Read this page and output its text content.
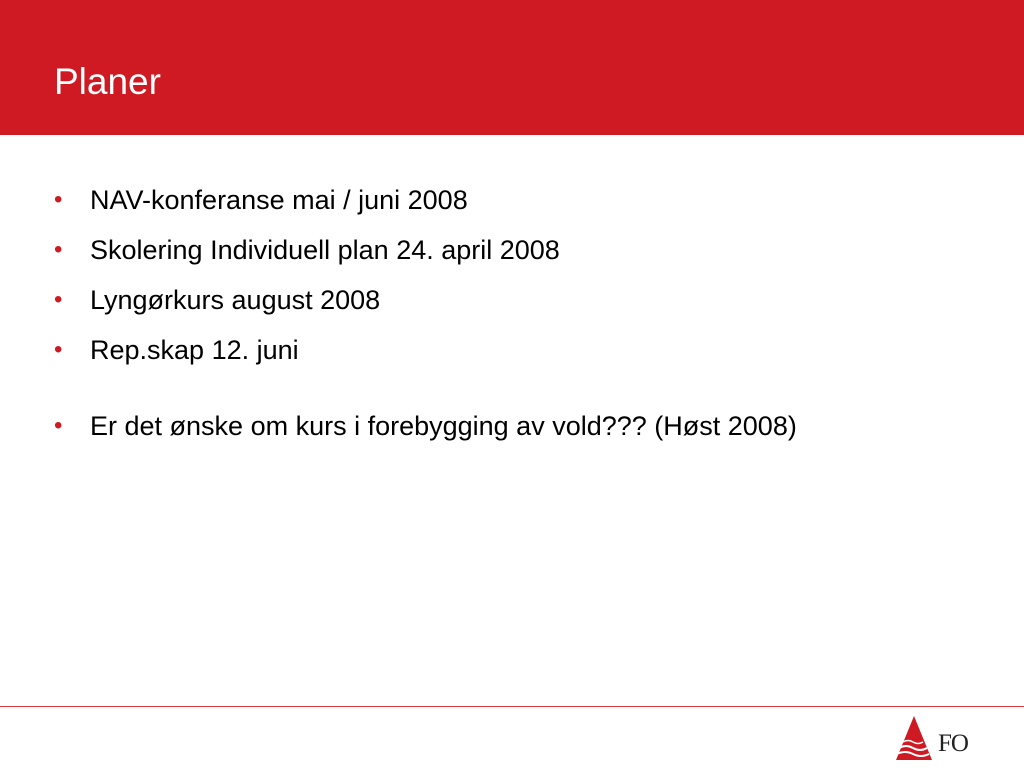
Planer
•	NAV-konferanse mai / juni 2008
•	Skolering Individuell plan 24. april 2008
•	Lyngørkurs august 2008
•	Rep.skap 12. juni
•	Er det ønske om kurs i forebygging av vold??? (Høst 2008)
FO
